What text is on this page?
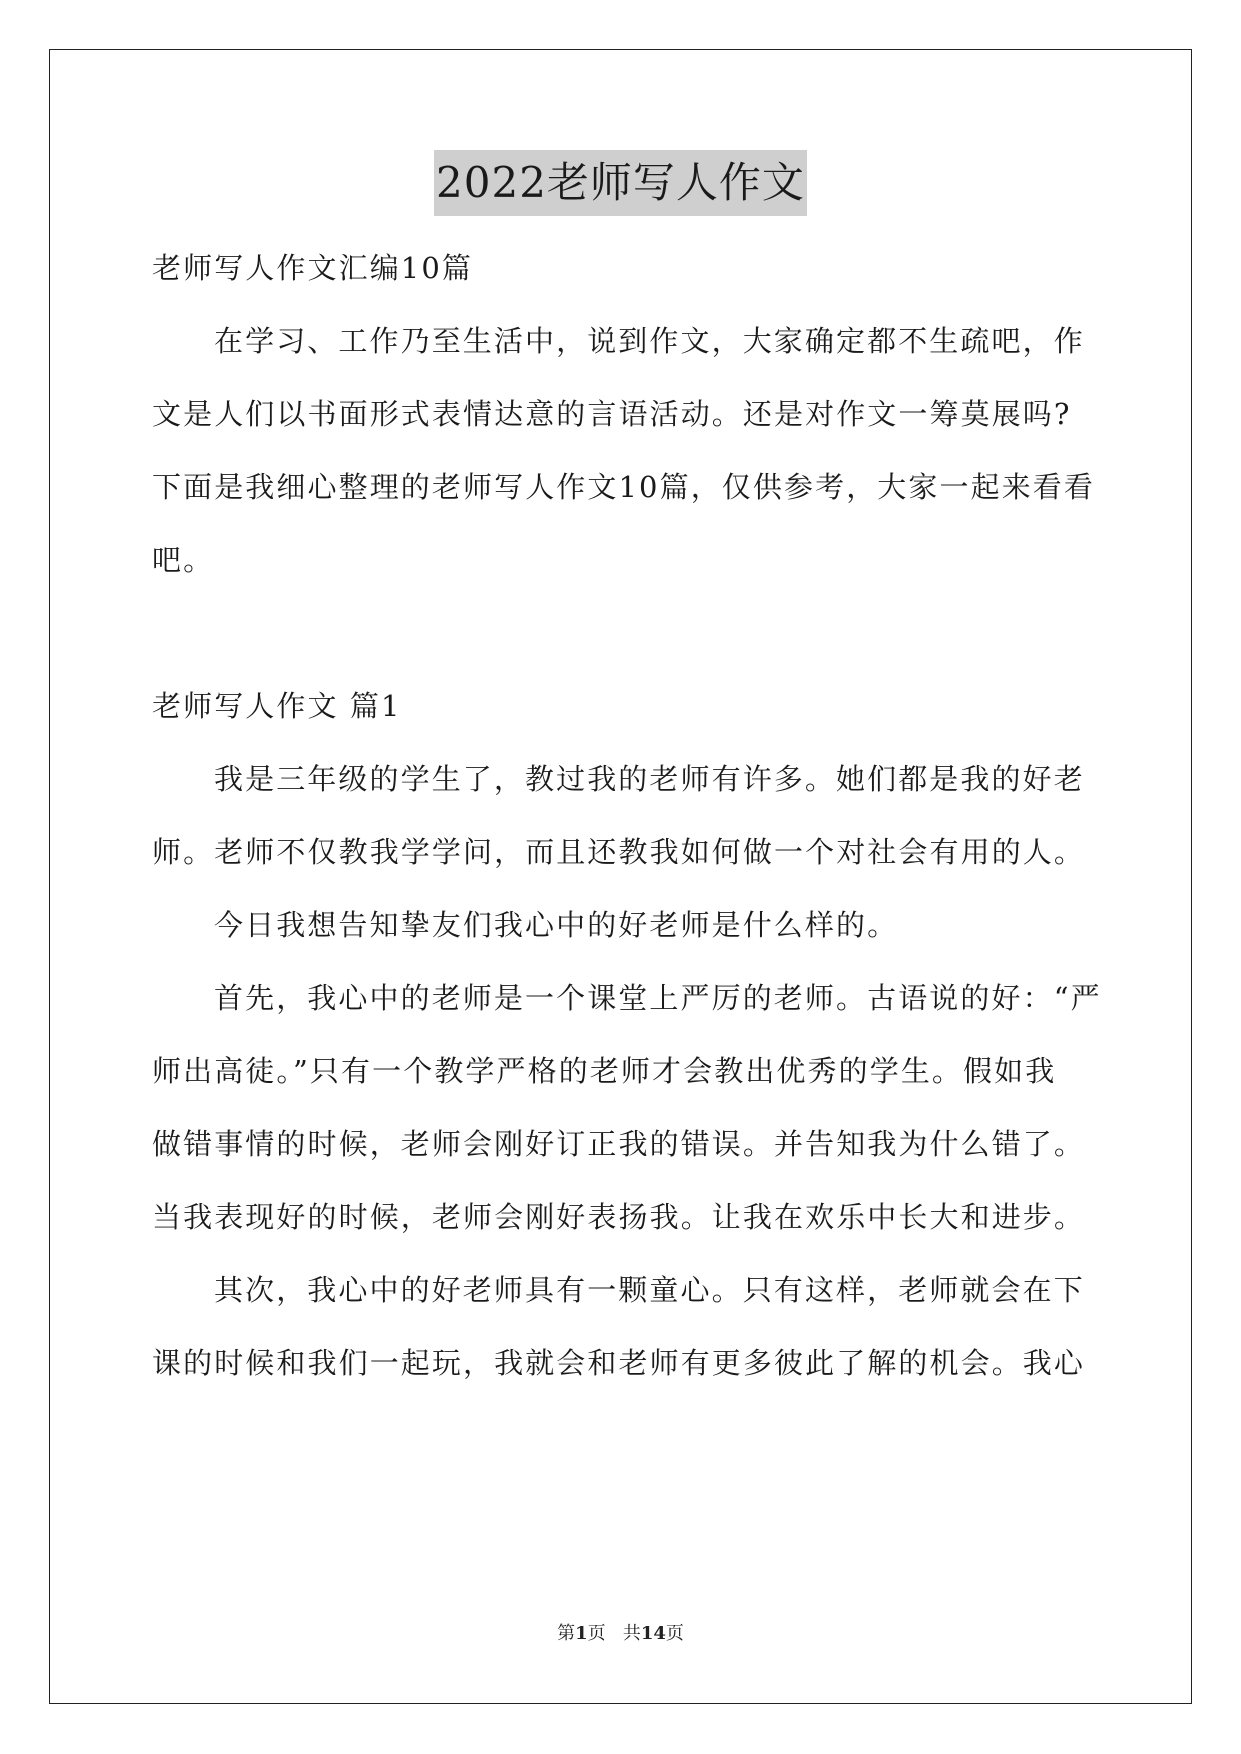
2022老师写人作文

老师写人作文汇编10篇

在学习、工作乃至生活中，说到作文，大家确定都不生疏吧，作

文是人们以书面形式表情达意的言语活动。还是对作文一筹莫展吗?

下面是我细心整理的老师写人作文10篇，仅供参考，大家一起来看看

吧。

老师写人作文 篇1

我是三年级的学生了，教过我的老师有许多。她们都是我的好老

师。老师不仅教我学学问，而且还教我如何做一个对社会有用的人。

今日我想告知挚友们我心中的好老师是什么样的。

首先，我心中的老师是一个课堂上严厉的老师。古语说的好：“严

师出高徒。”只有一个教学严格的老师才会教出优秀的学生。假如我

做错事情的时候，老师会刚好订正我的错误。并告知我为什么错了。

当我表现好的时候，老师会刚好表扬我。让我在欢乐中长大和进步。

其次，我心中的好老师具有一颗童心。只有这样，老师就会在下

课的时候和我们一起玩，我就会和老师有更多彼此了解的机会。我心

第1页 共14页
